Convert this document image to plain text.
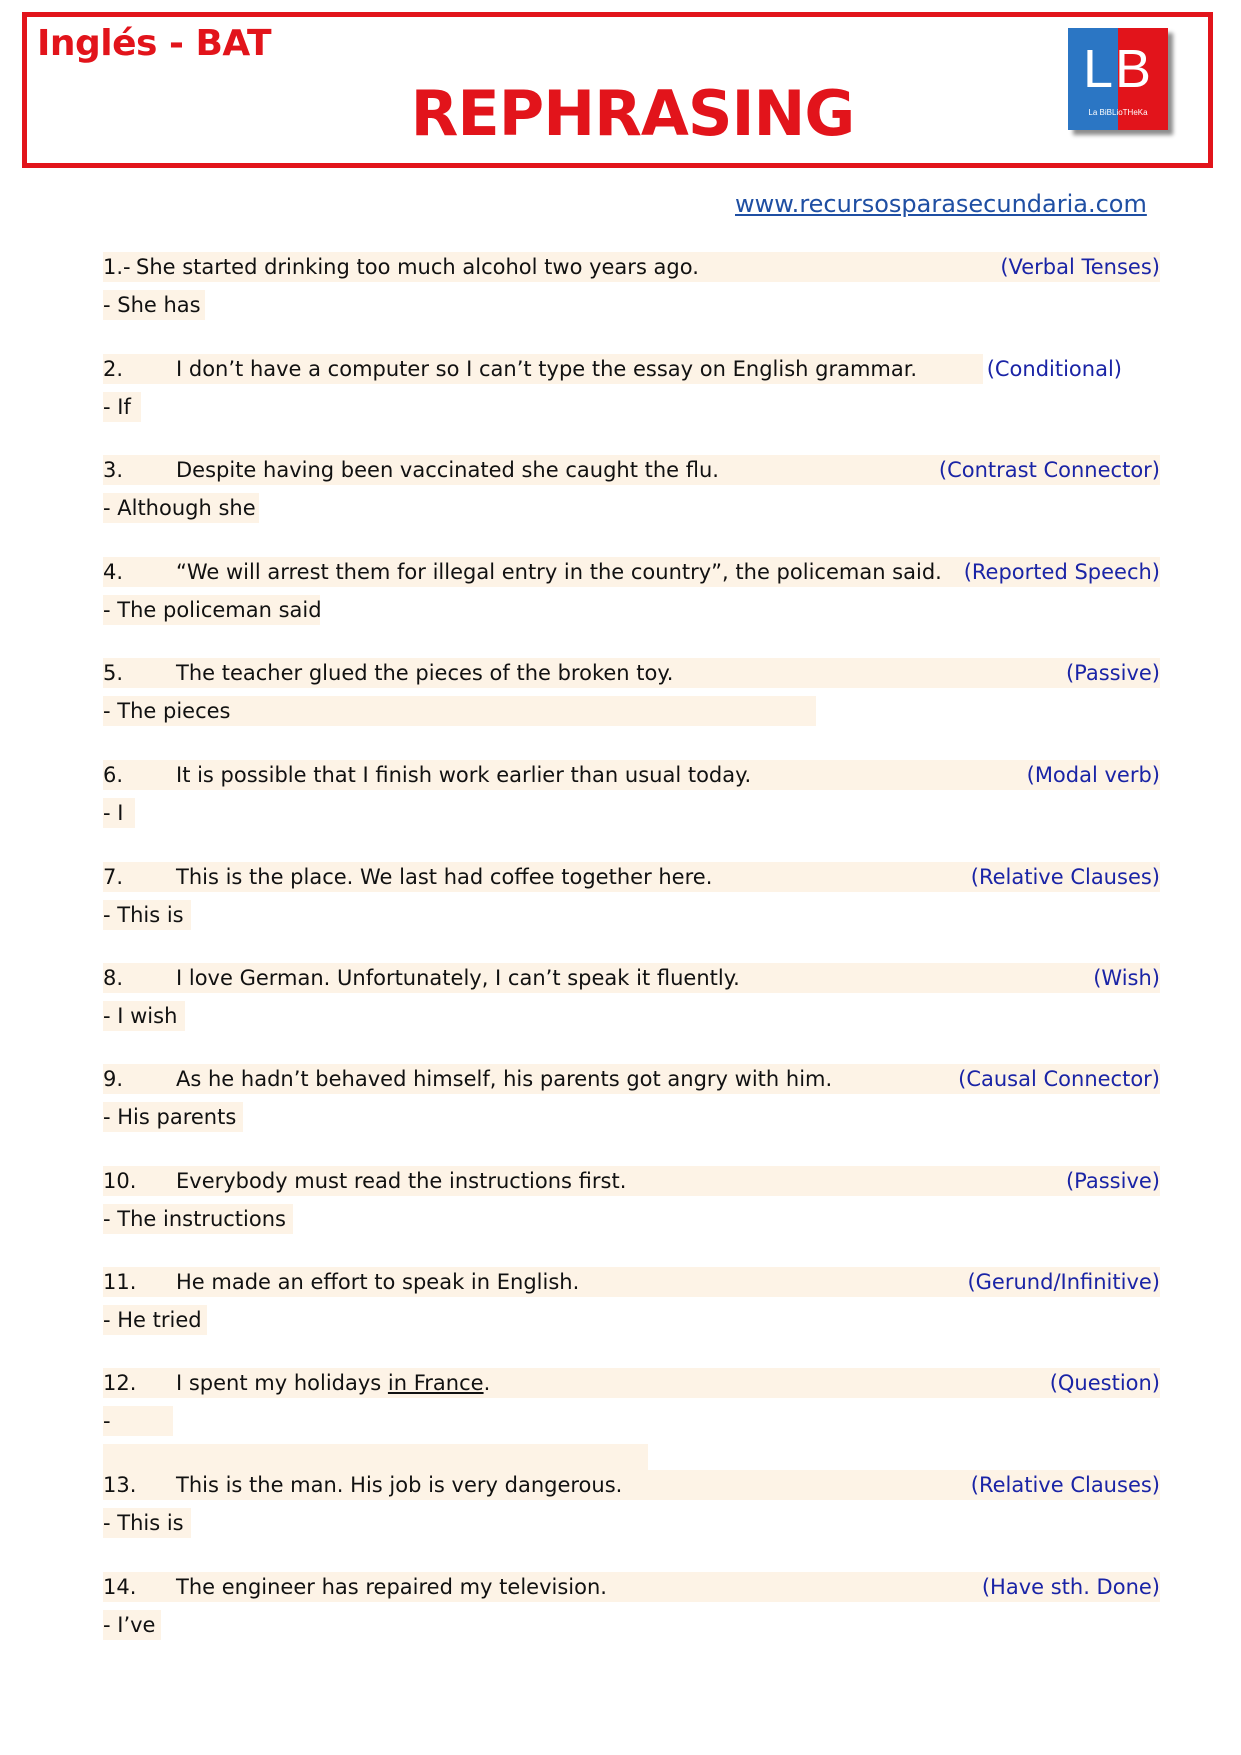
Inglés - BAT
REPHRASING
LB
La BiBLioTHeKa
www.recursosparasecundaria.com
1.- She started drinking too much alcohol two years ago.	(Verbal Tenses)
- She has
2.	I don’t have a computer so I can’t type the essay on English grammar.	(Conditional)
- If
3.	Despite having been vaccinated she caught the flu.	(Contrast Connector)
- Although she
4.	“We will arrest them for illegal entry in the country”, the policeman said. (Reported Speech)
- The policeman said
5.	The teacher glued the pieces of the broken toy.	(Passive)
- The pieces
6.	It is possible that I finish work earlier than usual today.	(Modal verb)
- I
7.	This is the place. We last had coffee together here.	(Relative Clauses)
- This is
8.	I love German. Unfortunately, I can’t speak it fluently.	(Wish)
- I wish
9.	As he hadn’t behaved himself, his parents got angry with him.	(Causal Connector)
- His parents
10. Everybody must read the instructions first.	(Passive)
- The instructions
11. He made an effort to speak in English.	(Gerund/Infinitive)
- He tried
12. I spent my holidays in France.	(Question)
-
13. This is the man. His job is very dangerous.	(Relative Clauses)
- This is
14. The engineer has repaired my television.	(Have sth. Done)
- I’ve
